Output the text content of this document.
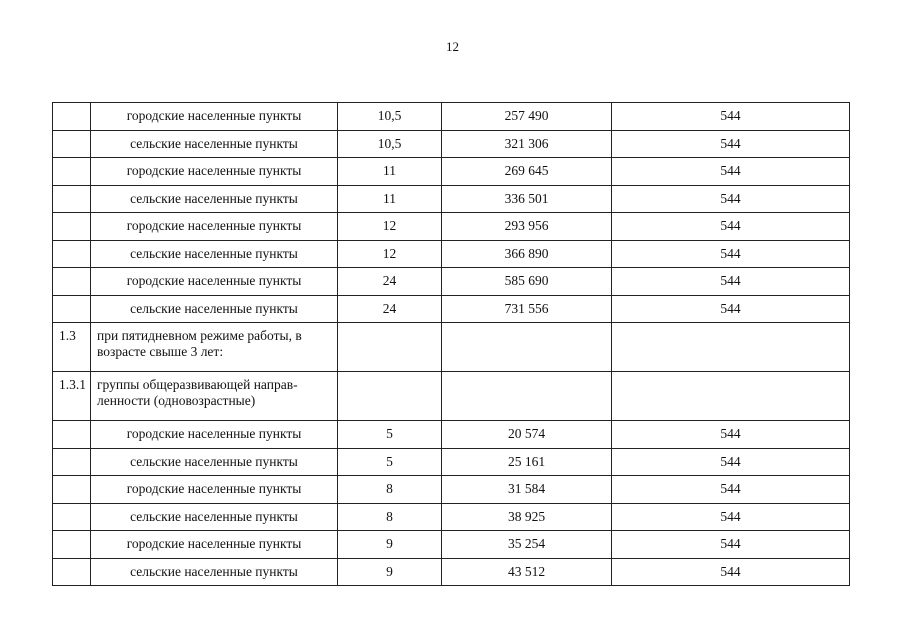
12
	городские населенные пункты	10,5	257 490	544
	сельские населенные пункты	10,5	321 306	544
	городские населенные пункты	11	269 645	544
	сельские населенные пункты	11	336 501	544
	городские населенные пункты	12	293 956	544
	сельские населенные пункты	12	366 890	544
	городские населенные пункты	24	585 690	544
	сельские населенные пункты	24	731 556	544
1.3	при пятидневном режиме работы, в возрасте свыше 3 лет:			
1.3.1	группы общеразвивающей направ-ленности (одновозрастные)			
	городские населенные пункты	5	20 574	544
	сельские населенные пункты	5	25 161	544
	городские населенные пункты	8	31 584	544
	сельские населенные пункты	8	38 925	544
	городские населенные пункты	9	35 254	544
	сельские населенные пункты	9	43 512	544
